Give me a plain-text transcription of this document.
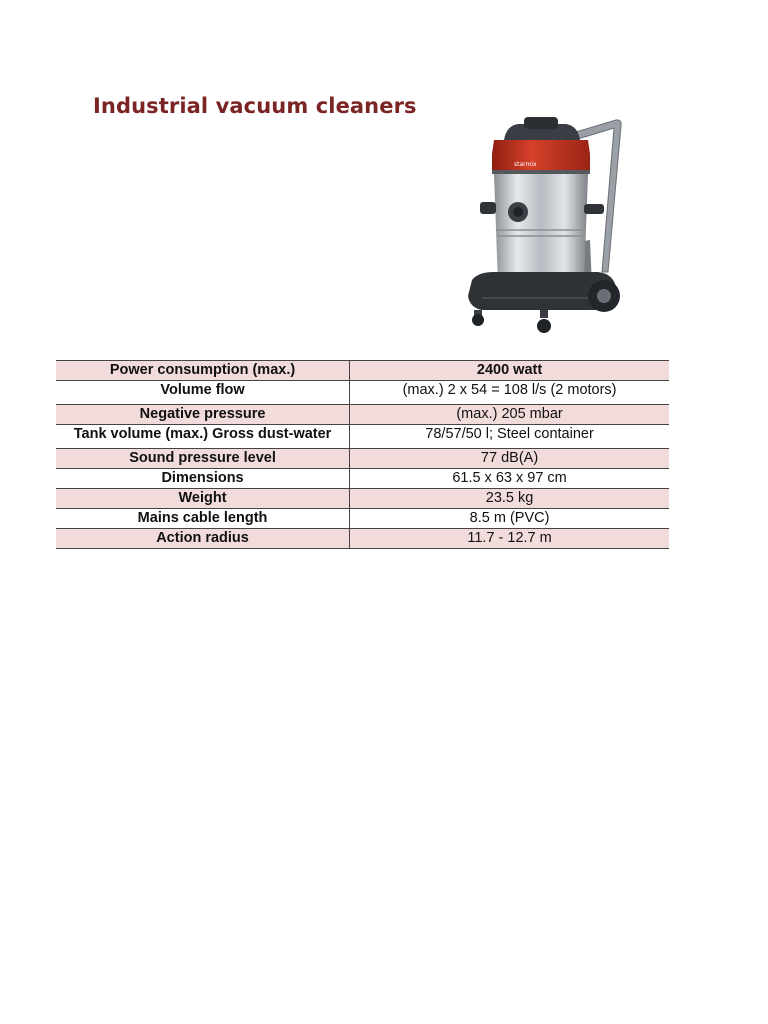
Industrial vacuum cleaners
starmix
Power consumption (max.)	2400 watt
Volume flow	(max.) 2 x 54 = 108 l/s (2 motors)
Negative pressure	(max.) 205 mbar
Tank volume (max.) Gross dust-water	78/57/50 l; Steel container
Sound pressure level	77 dB(A)
Dimensions	61.5 x 63 x 97 cm
Weight	23.5 kg
Mains cable length	8.5 m (PVC)
Action radius	11.7 - 12.7 m
